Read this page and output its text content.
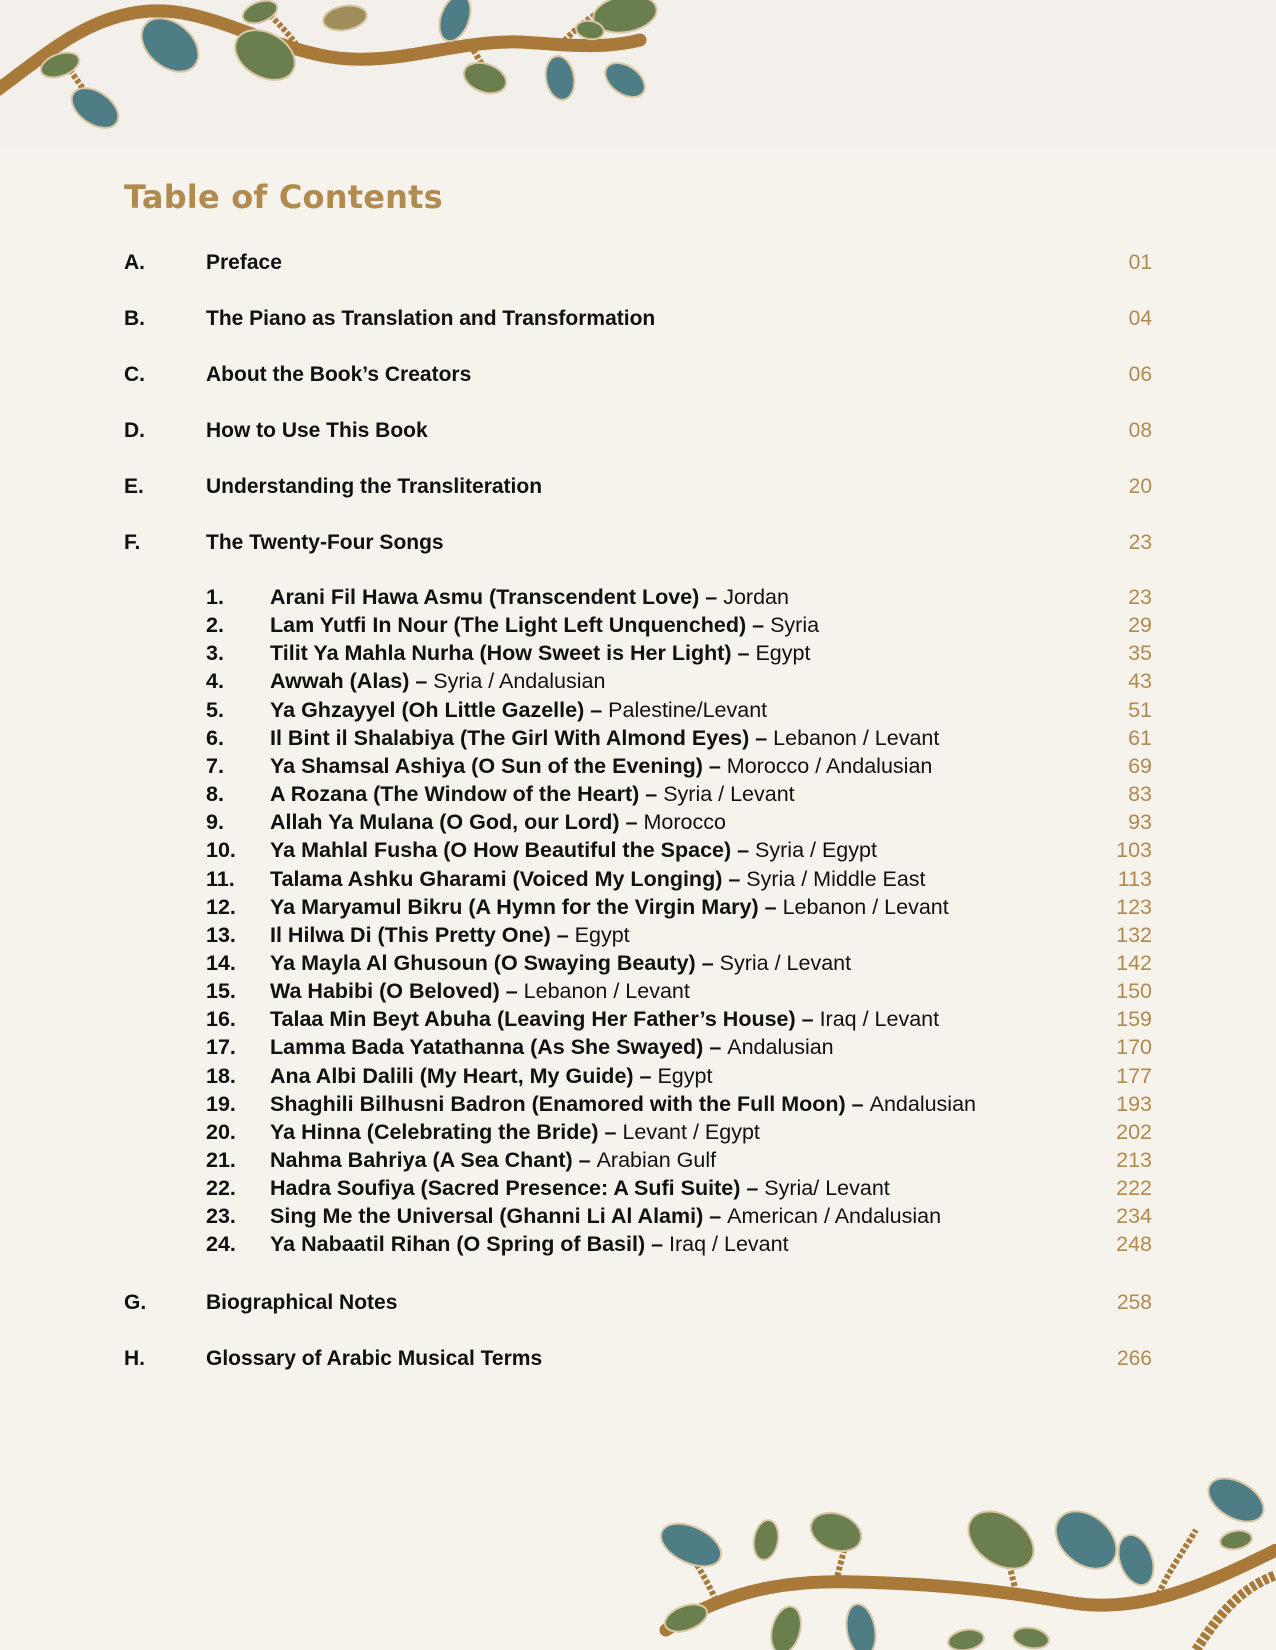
Table of Contents
A.	Preface	01
B.	The Piano as Translation and Transformation	04
C.	About the Book’s Creators	06
D.	How to Use This Book	08
E.	Understanding the Transliteration	20
F.	The Twenty-Four Songs	23
1. Arani Fil Hawa Asmu (Transcendent Love) – Jordan	23
2. Lam Yutfi In Nour (The Light Left Unquenched) – Syria	29
3. Tilit Ya Mahla Nurha (How Sweet is Her Light) – Egypt	35
4. Awwah (Alas) – Syria / Andalusian	43
5. Ya Ghzayyel (Oh Little Gazelle) – Palestine/Levant	51
6. Il Bint il Shalabiya (The Girl With Almond Eyes) – Lebanon / Levant	61
7. Ya Shamsal Ashiya (O Sun of the Evening) – Morocco / Andalusian	69
8. A Rozana (The Window of the Heart) – Syria / Levant	83
9. Allah Ya Mulana (O God, our Lord) – Morocco	93
10. Ya Mahlal Fusha (O How Beautiful the Space) – Syria / Egypt	103
11. Talama Ashku Gharami (Voiced My Longing) – Syria / Middle East	113
12. Ya Maryamul Bikru (A Hymn for the Virgin Mary) – Lebanon / Levant	123
13. Il Hilwa Di (This Pretty One) – Egypt	132
14. Ya Mayla Al Ghusoun (O Swaying Beauty) – Syria / Levant	142
15. Wa Habibi (O Beloved) – Lebanon / Levant	150
16. Talaa Min Beyt Abuha (Leaving Her Father’s House) – Iraq / Levant	159
17. Lamma Bada Yatathanna (As She Swayed) – Andalusian	170
18. Ana Albi Dalili (My Heart, My Guide) – Egypt	177
19. Shaghili Bilhusni Badron (Enamored with the Full Moon) – Andalusian	193
20. Ya Hinna (Celebrating the Bride) – Levant / Egypt	202
21. Nahma Bahriya (A Sea Chant) – Arabian Gulf	213
22. Hadra Soufiya (Sacred Presence: A Sufi Suite) – Syria/ Levant	222
23. Sing Me the Universal (Ghanni Li Al Alami) – American / Andalusian	234
24. Ya Nabaatil Rihan (O Spring of Basil) – Iraq / Levant	248
G.	Biographical Notes	258
H.	Glossary of Arabic Musical Terms	266
